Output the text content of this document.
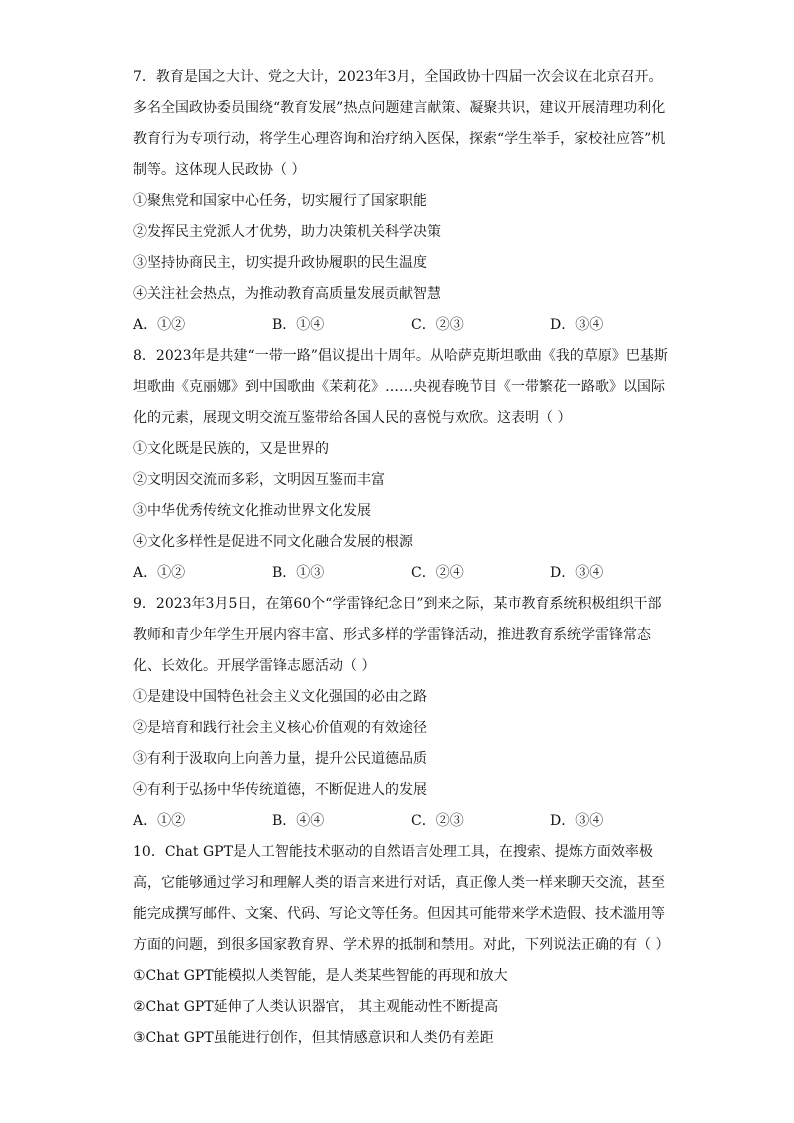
7．教育是国之大计、党之大计，2023年3月，全国政协十四届一次会议在北京召开。多名全国政协委员围绕“教育发展”热点问题建言献策、凝聚共识，建议开展清理功利化教育行为专项行动，将学生心理咨询和治疗纳入医保，探索“学生举手，家校社应答”机制等。这体现人民政协（ ）

①聚焦党和国家中心任务，切实履行了国家职能

②发挥民主党派人才优势，助力决策机关科学决策

③坚持协商民主，切实提升政协履职的民生温度

④关注社会热点，为推动教育高质量发展贡献智慧

A．①②	B．①④	C．②③	D．③④

8．2023年是共建“一带一路”倡议提出十周年。从哈萨克斯坦歌曲《我的草原》巴基斯坦歌曲《克丽娜》到中国歌曲《茉莉花》……央视春晚节目《一带繁花一路歌》以国际化的元素，展现文明交流互鉴带给各国人民的喜悦与欢欣。这表明（ ）

①文化既是民族的，又是世界的

②文明因交流而多彩，文明因互鉴而丰富

③中华优秀传统文化推动世界文化发展

④文化多样性是促进不同文化融合发展的根源

A．①②	B．①③	C．②④	D．③④

9．2023年3月5日，在第60个“学雷锋纪念日”到来之际，某市教育系统积极组织干部教师和青少年学生开展内容丰富、形式多样的学雷锋活动，推进教育系统学雷锋常态化、长效化。开展学雷锋志愿活动（ ）

①是建设中国特色社会主义文化强国的必由之路

②是培育和践行社会主义核心价值观的有效途径

③有利于汲取向上向善力量，提升公民道德品质

④有利于弘扬中华传统道德，不断促进人的发展

A．①②	B．④④	C．②③	D．③④

10．Chat GPT是人工智能技术驱动的自然语言处理工具，在搜索、提炼方面效率极高，它能够通过学习和理解人类的语言来进行对话，真正像人类一样来聊天交流，甚至能完成撰写邮件、文案、代码、写论文等任务。但因其可能带来学术造假、技术滥用等方面的问题，到很多国家教育界、学术界的抵制和禁用。对此，下列说法正确的有（ ）

①Chat GPT能模拟人类智能，是人类某些智能的再现和放大

②Chat GPT延伸了人类认识器官， 其主观能动性不断提高

③Chat GPT虽能进行创作，但其情感意识和人类仍有差距
